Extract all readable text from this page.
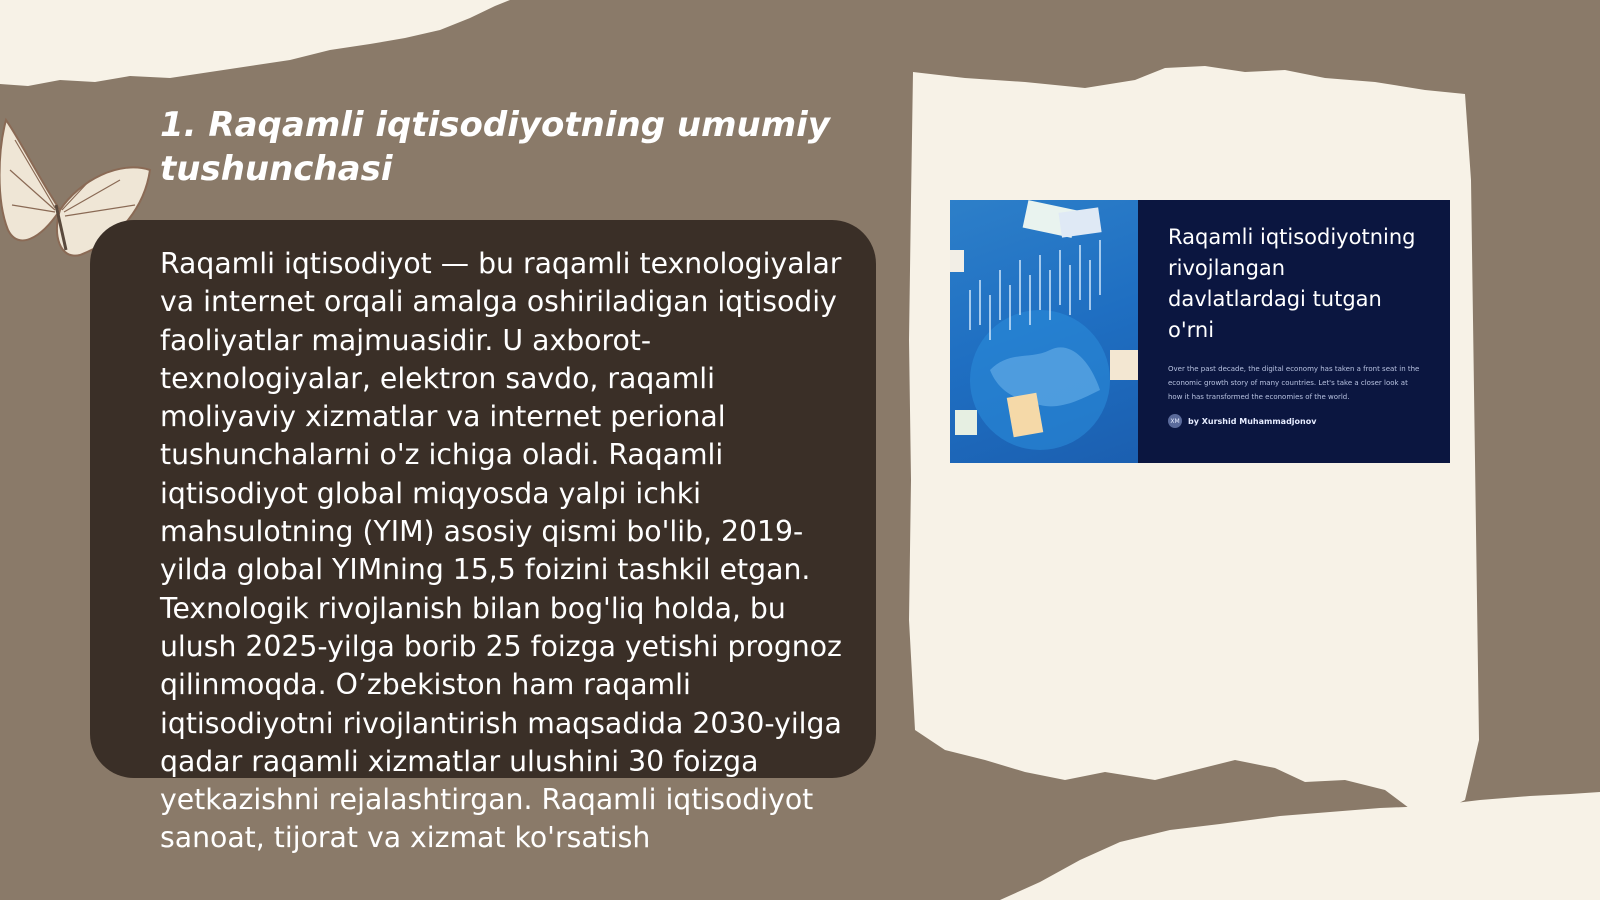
1. Raqamli iqtisodiyotning umumiy tushunchasi

Raqamli iqtisodiyot — bu raqamli texnologiyalar va internet orqali amalga oshiriladigan iqtisodiy faoliyatlar majmuasidir. U axborot-texnologiyalar, elektron savdo, raqamli moliyaviy xizmatlar va internet perional tushunchalarni o'z ichiga oladi. Raqamli iqtisodiyot global miqyosda yalpi ichki mahsulotning (YIM) asosiy qismi bo'lib, 2019-yilda global YIMning 15,5 foizini tashkil etgan. Texnologik rivojlanish bilan bog'liq holda, bu ulush 2025-yilga borib 25 foizga yetishi prognoz qilinmoqda. O’zbekiston ham raqamli iqtisodiyotni rivojlantirish maqsadida 2030-yilga qadar raqamli xizmatlar ulushini 30 foizga yetkazishni rejalashtirgan. Raqamli iqtisodiyot sanoat, tijorat va xizmat ko'rsatish

Raqamli iqtisodiyotning rivojlangan davlatlardagi tutgan o'rni

Over the past decade, the digital economy has taken a front seat in the economic growth story of many countries. Let's take a closer look at how it has transformed the economies of the world.

XM by Xurshid Muhammadjonov
